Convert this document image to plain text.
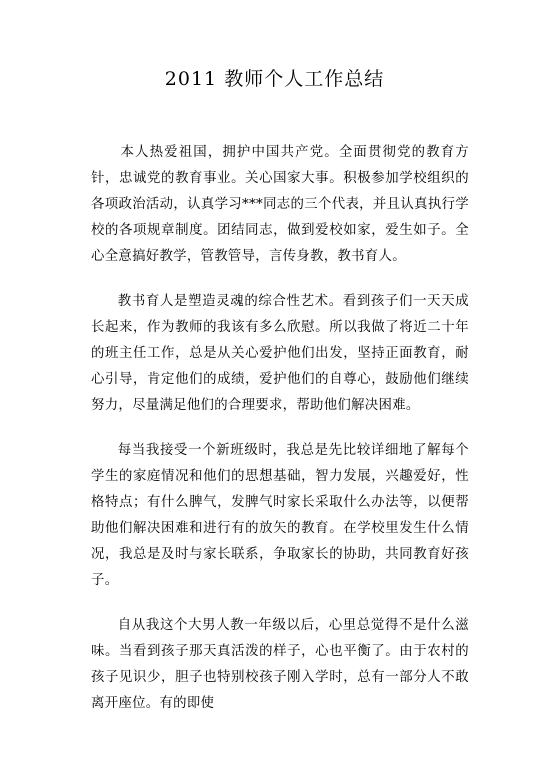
2011 教师个人工作总结

本人热爱祖国，拥护中国共产党。全面贯彻党的教育方针，忠诚党的教育事业。关心国家大事。积极参加学校组织的各项政治活动，认真学习***同志的三个代表，并且认真执行学校的各项规章制度。团结同志，做到爱校如家，爱生如子。全心全意搞好教学，管教管导，言传身教，教书育人。

教书育人是塑造灵魂的综合性艺术。看到孩子们一天天成长起来，作为教师的我该有多么欣慰。所以我做了将近二十年的班主任工作，总是从关心爱护他们出发，坚持正面教育，耐心引导，肯定他们的成绩，爱护他们的自尊心，鼓励他们继续努力，尽量满足他们的合理要求，帮助他们解决困难。

每当我接受一个新班级时，我总是先比较详细地了解每个学生的家庭情况和他们的思想基础，智力发展，兴趣爱好，性格特点；有什么脾气，发脾气时家长采取什么办法等，以便帮助他们解决困难和进行有的放矢的教育。在学校里发生什么情况，我总是及时与家长联系，争取家长的协助，共同教育好孩子。

自从我这个大男人教一年级以后，心里总觉得不是什么滋味。当看到孩子那天真活泼的样子，心也平衡了。由于农村的孩子见识少，胆子也特别校孩子刚入学时，总有一部分人不敢离开座位。有的即使
